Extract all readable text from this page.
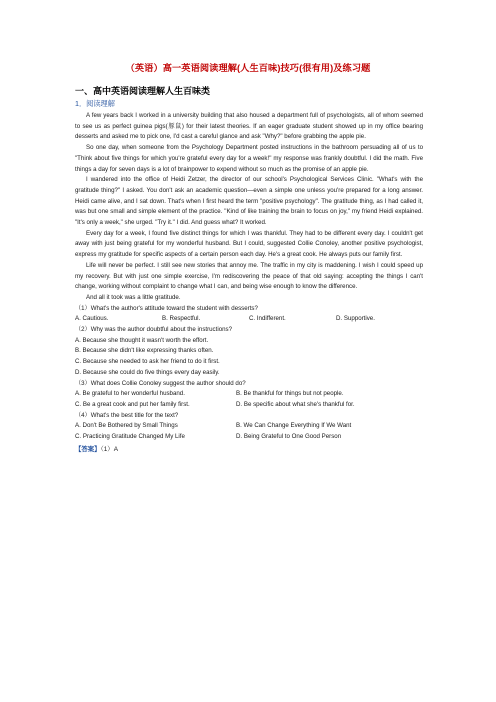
（英语）高一英语阅读理解(人生百味)技巧(很有用)及练习题
一、高中英语阅读理解人生百味类
1．阅读理解

A few years back I worked in a university building that also housed a department full of psychologists, all of whom seemed to see us as perfect guinea pigs(豚鼠) for their latest theories. If an eager graduate student showed up in my office bearing desserts and asked me to pick one, I'd cast a careful glance and ask "Why?" before grabbing the apple pie.

So one day, when someone from the Psychology Department posted instructions in the bathroom persuading all of us to "Think about five things for which you're grateful every day for a week!" my response was frankly doubtful. I did the math. Five things a day for seven days is a lot of brainpower to expend without so much as the promise of an apple pie.

I wandered into the office of Heidi Zetzer, the director of our school's Psychological Services Clinic. "What's with the gratitude thing?" I asked. You don't ask an academic question—even a simple one unless you're prepared for a long answer. Heidi came alive, and I sat down. That's when I first heard the term "positive psychology". The gratitude thing, as I had called it, was but one small and simple element of the practice. "Kind of like training the brain to focus on joy," my friend Heidi explained. "It's only a week," she urged. "Try it." I did. And guess what? It worked.

Every day for a week, I found five distinct things for which I was thankful. They had to be different every day. I couldn't get away with just being grateful for my wonderful husband. But I could, suggested Collie Conoley, another positive psychologist, express my gratitude for specific aspects of a certain person each day. He's a great cook. He always puts our family first.

Life will never be perfect. I still see new stories that annoy me. The traffic in my city is maddening. I wish I could speed up my recovery. But with just one simple exercise, I'm rediscovering the peace of that old saying: accepting the things I can't change, working without complaint to change what I can, and being wise enough to know the difference.

And all it took was a little gratitude.

（1）What's the author's attitude toward the student with desserts?

A. Cautious.	B. Respectful.	C. Indifferent.	D. Supportive.

（2）Why was the author doubtful about the instructions?

A. Because she thought it wasn't worth the effort.

B. Because she didn't like expressing thanks often.

C. Because she needed to ask her friend to do it first.

D. Because she could do five things every day easily.

（3）What does Collie Conoley suggest the author should do?

A. Be grateful to her wonderful husband.	B. Be thankful for things but not people.
C. Be a great cook and put her family first.	D. Be specific about what she's thankful for.

（4）What's the best title for the text?

A. Don't Be Bothered by Small Things	B. We Can Change Everything If We Want
C. Practicing Gratitude Changed My Life	D. Being Grateful to One Good Person
【答案】（1）A
